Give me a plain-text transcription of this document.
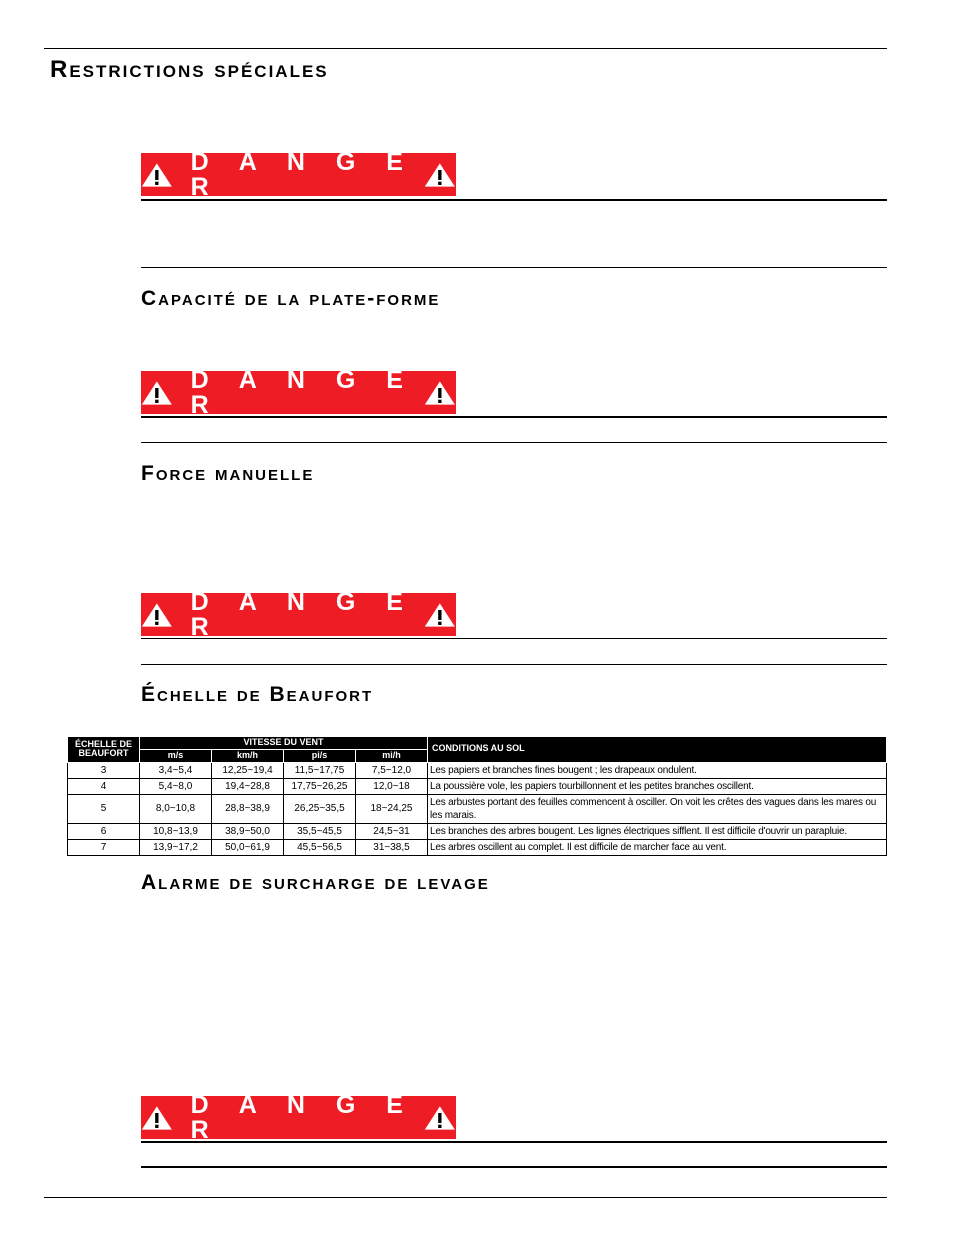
Restrictions spéciales
D A N G E R
Capacité de la plate-forme
D A N G E R
Force manuelle
D A N G E R
Échelle de Beaufort
ÉCHELLE DE BEAUFORT	VITESSE DU VENT				CONDITIONS AU SOL
	m/s	km/h	pi/s	mi/h	
3	3,4~5,4	12,25~19,4	11,5~17,75	7,5~12,0	Les papiers et branches fines bougent ; les drapeaux ondulent.
4	5,4~8,0	19,4~28,8	17,75~26,25	12,0~18	La poussière vole, les papiers tourbillonnent et les petites branches oscillent.
5	8,0~10,8	28,8~38,9	26,25~35,5	18~24,25	Les arbustes portant des feuilles commencent à osciller. On voit les crêtes des vagues dans les mares ou les marais.
6	10,8~13,9	38,9~50,0	35,5~45,5	24,5~31	Les branches des arbres bougent. Les lignes électriques sifflent. Il est difficile d'ouvrir un parapluie.
7	13,9~17,2	50,0~61,9	45,5~56,5	31~38,5	Les arbres oscillent au complet. Il est difficile de marcher face au vent.
Alarme de surcharge de levage
D A N G E R
